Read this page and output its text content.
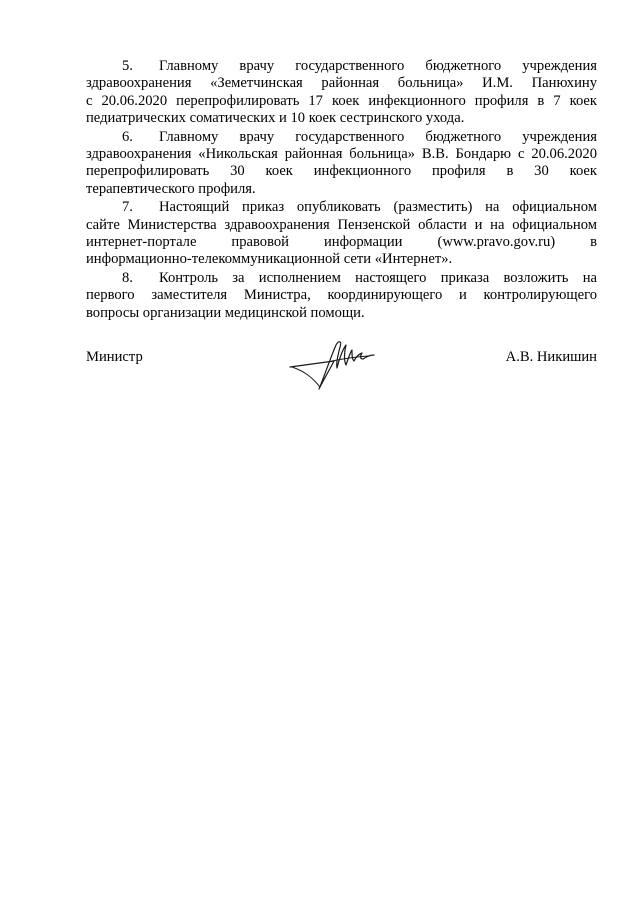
5. Главному врачу государственного бюджетного учреждения
здравоохранения «Земетчинская районная больница» И.М. Панюхину
с 20.06.2020 перепрофилировать 17 коек инфекционного профиля в 7 коек
педиатрических соматических и 10 коек сестринского ухода.
6. Главному врачу государственного бюджетного учреждения
здравоохранения «Никольская районная больница» В.В. Бондарю с 20.06.2020
перепрофилировать 30 коек инфекционного профиля в 30 коек
терапевтического профиля.
7. Настоящий приказ опубликовать (разместить) на официальном
сайте Министерства здравоохранения Пензенской области и на официальном
интернет-портале правовой информации (www.pravo.gov.ru) в
информационно-телекоммуникационной сети «Интернет».
8. Контроль за исполнением настоящего приказа возложить на
первого заместителя Министра, координирующего и контролирующего
вопросы организации медицинской помощи.
Министр	А.В. Никишин
